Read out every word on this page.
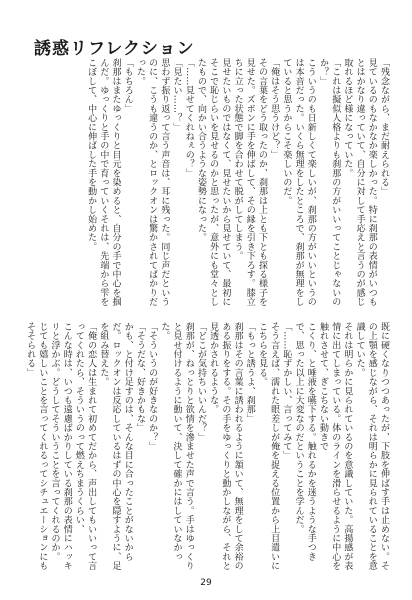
誘惑リフレクション

「残念ながら、まだ耐えられる」

見ているのもなかなか楽しかった。特に刹那の表情がいつもとはかなり違っていて、自分に対して手応えと言うのが感じ取れるほど様になっていた。

「これは擬似人格よりも刹那の方がいいってことじゃないのか？」

こういうのも日新しくて楽しいが、刹那の方がいいというのは本音だった。いくら無理をしたところで、刹那が無理をしていると思うからこそ楽しいのだ。

「俺はそう思うけど？」

その言葉をどう取ったのか、刹那は上とも下とも探る様子を見せた。ズボンに手を伸ばして、その縁を引き下ろす。膝立ちに立った状態で脚を合わせて脱がしてしまう。

見せたいものではなくて、見せたいから見せていて、最初にそこで恥じらいを見せるのかと思ったが、意外にも堂々としたもので、向かい合うような姿勢になった。

「……見せてくれねぇの？」

「見たい……？」

思わず振り返って言う声音は、耳に残った。同じ声だというのに、こうも違うのか、とロックオンは驚かされてばかりだった。

「もちろん」

刹那はまたゆっくりと目元を染めると、自分の手で中心を掴んだ。ゆっくりと手の中で育っていくそれは、先端から雫をこぼして、中心に伸ばした手を動かし始めた。

既に硬くなりつつあったが、下肢を伸ばす手は止めない。その上顎を感じながら、それは明らかに見られていることを意識していた。

それは明らかに見られているのを意識していた。高揚感が表情に出てしまっている。体のラインを滑らせるように中心を触れさせて、ぎこちない動きで

こくり、と唾液を嚥下する。触れるかを迷うような手つきで、思った以上に大変なのだということを学んだ。

「……恥ずかしい、言ってみて」

そう言えば、濡れた眼差しが俺を捉える位置から上目遣いにこちらを見る。

「もっと誘うよ、刹那」

刹那はその言葉に誘われるように頷いて、無理をして余裕のある振りをする。その手をゆっくりと動かしながら、それと見透かされるような。

「どこが気持ちいいんだ？」

刹那が、ねっとりと欲情を滲ませた声で言う。手はゆっくりと見せ付けるように動いて、決して確かにはしていなかった。

「そういうのが好きなのか？」

「そうだな、好きかもな」

かも、と付け足すのは、そんな目に合ったことがないからだ。ロックオンは反応しているはずの中心を隠すように、足を組み替えた。

「俺の恋人は生まれて初めてだから、声出してもいいって言ってくれたら、そういうのって燃えちまうくらい、

こんな時は、いつも遠慮ばかりしている刹那の表情にハッキリと浮かぶ。どうしてそういうことを言ってくれるのか。

じても嬉しいことを言ってくれるってシチュエーションにもそそられる」

29
